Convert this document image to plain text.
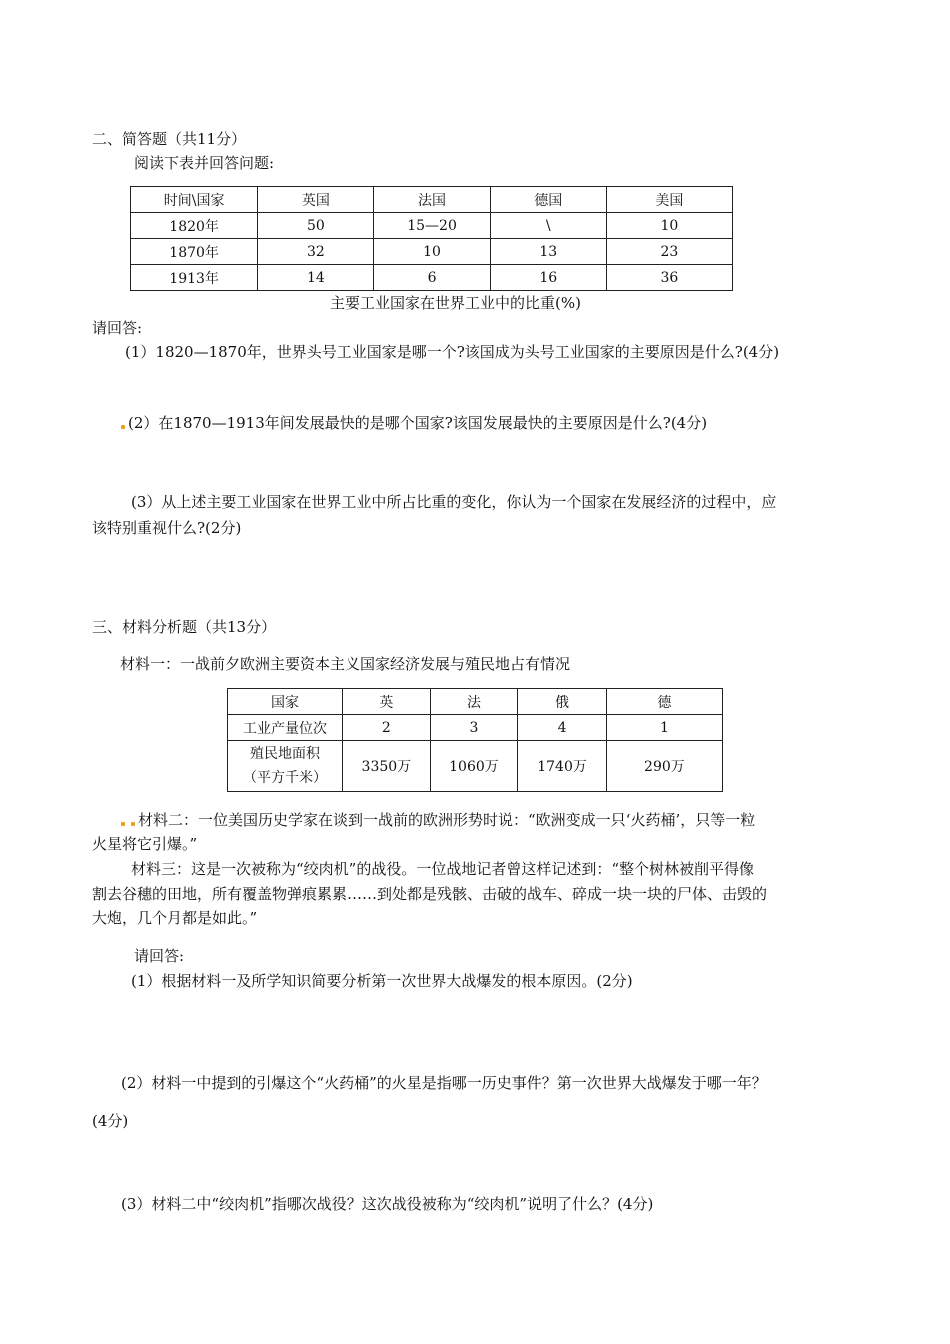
二、简答题（共11分）
阅读下表并回答问题:
时间\国家	英国	法国	德国	美国
1820年	50	15—20	\	10
1870年	32	10	13	23
1913年	14	6	16	36
主要工业国家在世界工业中的比重(%)
请回答:
(1）1820—1870年，世界头号工业国家是哪一个?该国成为头号工业国家的主要原因是什么?(4分)
(2）在1870—1913年间发展最快的是哪个国家?该国发展最快的主要原因是什么?(4分)
(3）从上述主要工业国家在世界工业中所占比重的变化，你认为一个国家在发展经济的过程中，应
该特别重视什么?(2分)
三、材料分析题（共13分）
材料一：一战前夕欧洲主要资本主义国家经济发展与殖民地占有情况
国家	英	法	俄	德
工业产量位次	2	3	4	1

殖民地面积
（平方千米）	3350万	1060万	1740万	290万
材料二：一位美国历史学家在谈到一战前的欧洲形势时说：“欧洲变成一只‘火药桶’，只等一粒
火星将它引爆。”
材料三：这是一次被称为“绞肉机”的战役。一位战地记者曾这样记述到：“整个树林被削平得像
割去谷穗的田地，所有覆盖物弹痕累累……到处都是残骸、击破的战车、碎成一块一块的尸体、击毁的
大炮，几个月都是如此。”
请回答:
(1）根据材料一及所学知识简要分析第一次世界大战爆发的根本原因。(2分)
(2）材料一中提到的引爆这个“火药桶”的火星是指哪一历史事件？第一次世界大战爆发于哪一年？
(4分)
(3）材料二中“绞肉机”指哪次战役？这次战役被称为“绞肉机”说明了什么？(4分)
